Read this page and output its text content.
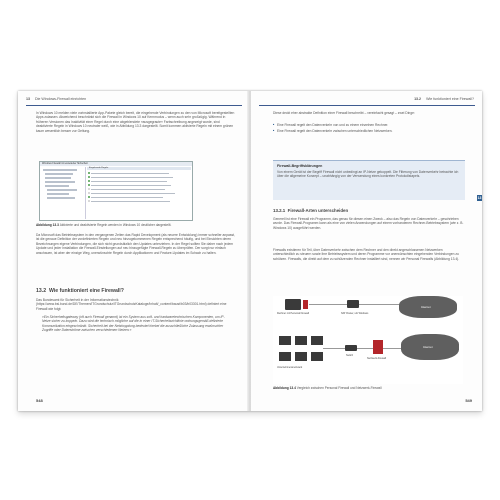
13 Die Windows-Firewall einrichten
In Windows 10 melden viele vorinstallierte App-Pakete gleich bereit, die eingehende Verbindungen zu den von Microsoft bereitgestellten Apps zulassen. Abweichend beschränkt sich die Firewall in Windows 10 auf Kernmodus – wenn auch sehr großzügig. Während in früheren Versionen das Inaktivität einer Regel durch eine abgeblendete »ausgegraute« Farbschreibung angezeigt wurde, sind deaktivierte Regeln in Windows 10 neutraler weiß, wie in Abbildung 13.3 dargestellt. Somit kommen aktivierte Regeln mit einem grünen kaum wesentlich besser zur Geltung.
Windows Firewall mit erweiterter Sicherheit
Eingehende Regeln
Abbildung 13.3 Aktivierte und deaktivierte Regeln werden in Windows 10 deutlicher dargestellt.
Da Microsoft das Betriebssystem in den vergangenen Zeiten das Rapid Development (als neuere Entwicklung) immer schneller anpasst, ist die genaue Definition der vordefinierten Regeln und neu hinzugekommenen Regeln entsprechend häufig, und bei Einsichten deren Bezeichnungen eigene Verbindungen, die sich nicht grundsätzlich den Updates unterziehen. In der Regel sollten Sie daher nach jedem Update und jeder Installation die Firewall-Einstellungen auf neu hinzugefügte Firewall-Regeln zu überprüfen. Der sorgt nur einfach anschauen, ist aber der einzige Weg, unerwünschte Regeln durch Applikationen und Feature-Updates im Schach zu halten.
13.2 Wie funktioniert eine Firewall?
Das Bundesamt für Sicherheit in der Informationstechnik (https://www.bsi.bund.de/DE/Themen/ITGrundschutz/ITGrundschutzKataloge/Inhalt/_content/baust/b03/b03301.html) definiert eine Firewall wie folgt:
»Ein Sicherheitsgateway (oft auch Firewall genannt) ist ein System aus soft- und hardwaretechnischen Komponenten, um IP-Netze sicher zu koppeln. Dazu wird die technisch mögliche auf die in einer IT-Sicherheitsrichtlinie ordnungsgemäß definierte Kommunikation eingeschränkt. Sicherheit bei der Netzkopplung bedeutet hierbei die ausschließliche Zulassung erwünschter Zugriffe oder Datenströme zwischen verschiedenen Netzen.«
548
13.2 Wie funktioniert eine Firewall?
Diese deckt eher abstrakte Definition einer Firewall beschreibt – vereinfacht gesagt – zwei Dinge:
■ Eine Firewall regelt den Datenverkehr von und zu einem einzelnen Rechner.
■ Eine Firewall regelt den Datenverkehr zwischen unterschiedlichen Netzwerken.
Firewall-Begriffsklärungen
Von einem Gerät ist der Begriff Firewall nicht unbedingt an IP-Netze gekoppelt. Die Filterung von Datenverkehr betrachte ich über die allgemeine Konzept – unabhängig von der Verwendung eines konkreten Protokollstapels.
13.2.1 Firewall-Arten unterscheiden
Generell ist eine Firewall ein Programm, das genau für diesen einen Zweck – also das Regeln von Datenverkehr – geschrieben wurde. Das Firewall-Programm kann als eine von vielen Anwendungen auf einem vorhandenen Rechner-Betriebssystem (wie z. B. Windows 10) ausgeführt werden.
Firewalls existieren für Teil, über Datenverkehr zwischen dem Rechner und den direkt angeschlossenen Netzwerken unterschiedlich zu steuern sowie ihre Betriebssystem und deren Programme vor unerwünschten eingehenden Verbindungen zu schützen. Firewalls, die direkt auf dem zu schützenden Rechner installiert sind, nennen wir Personal Firewalls (Abbildung 13.4).
Rechner mit Personal Firewall	NAT Router, ufo Windows
Internet
Unternehmensnetzwerk
Switch
Netzwerk-Firewall
Internet
Abbildung 13.4 Vergleich zwischen Personal Firewall und Netzwerk-Firewall
13
549
